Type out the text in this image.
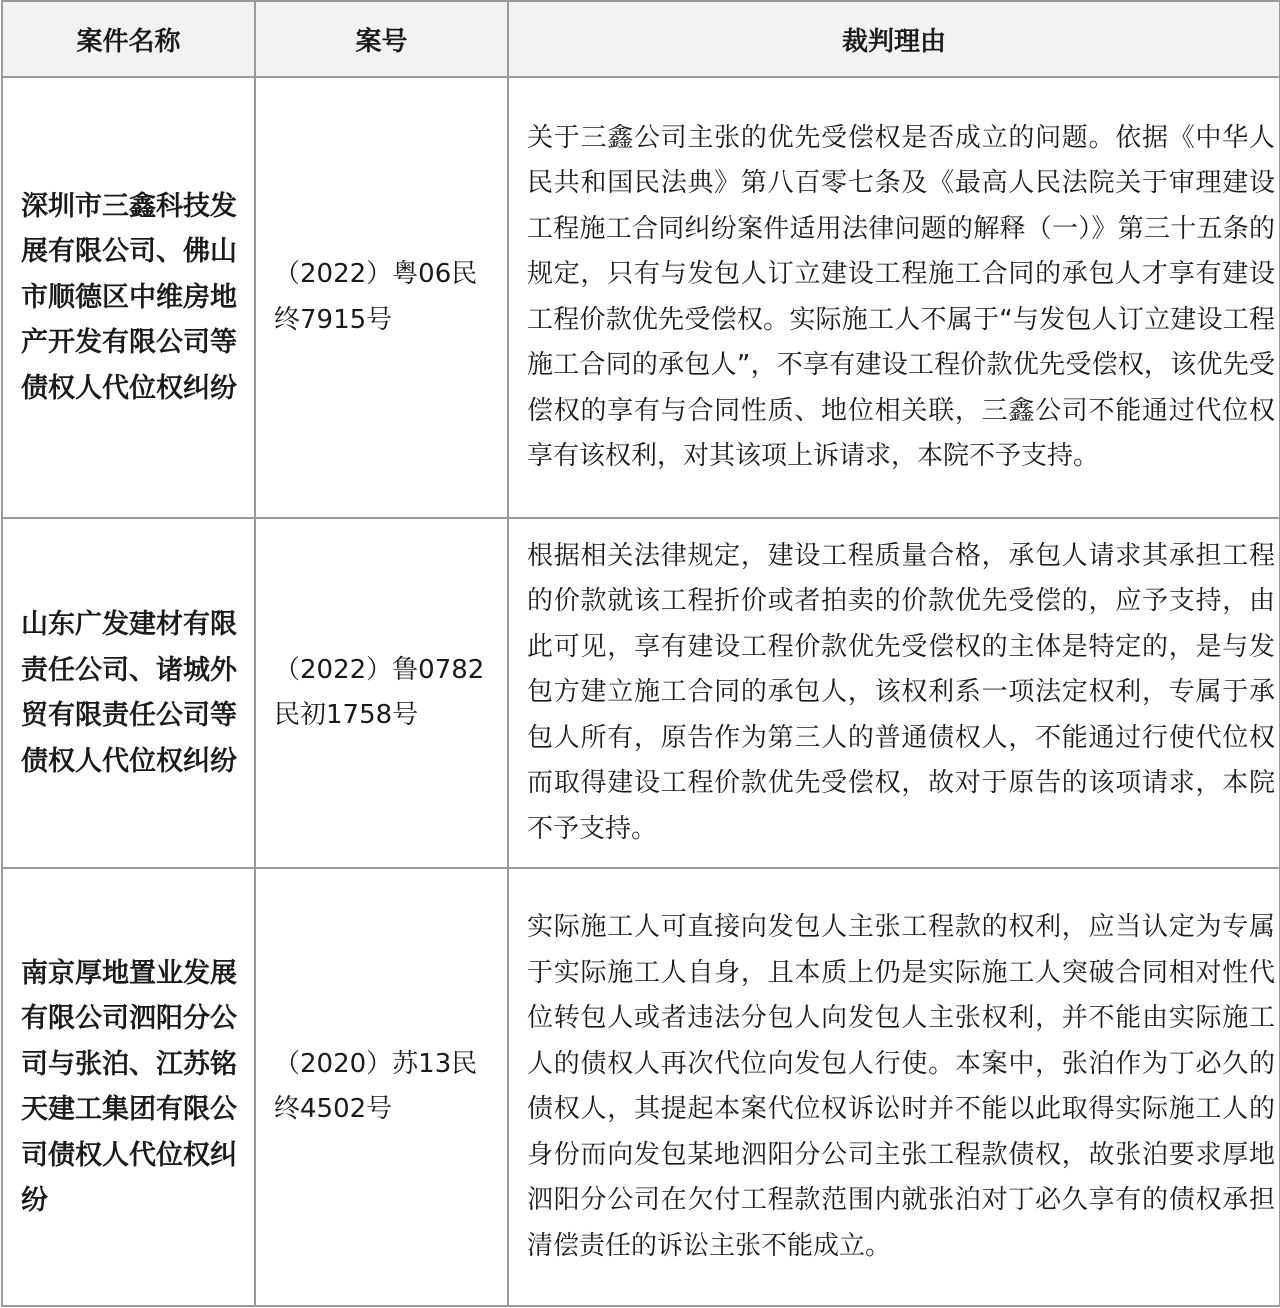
案件名称	案号	裁判理由
深圳市三鑫科技发展有限公司、佛山市顺德区中维房地产开发有限公司等债权人代位权纠纷	（2022）粤06民终7915号	关于三鑫公司主张的优先受偿权是否成立的问题。依据《中华人民共和国民法典》第八百零七条及《最高人民法院关于审理建设工程施工合同纠纷案件适用法律问题的解释（一）》第三十五条的规定，只有与发包人订立建设工程施工合同的承包人才享有建设工程价款优先受偿权。实际施工人不属于“与发包人订立建设工程施工合同的承包人”，不享有建设工程价款优先受偿权，该优先受偿权的享有与合同性质、地位相关联，三鑫公司不能通过代位权享有该权利，对其该项上诉请求，本院不予支持。
山东广发建材有限责任公司、诸城外贸有限责任公司等债权人代位权纠纷	（2022）鲁0782民初1758号	根据相关法律规定，建设工程质量合格，承包人请求其承担工程的价款就该工程折价或者拍卖的价款优先受偿的，应予支持，由此可见，享有建设工程价款优先受偿权的主体是特定的，是与发包方建立施工合同的承包人，该权利系一项法定权利，专属于承包人所有，原告作为第三人的普通债权人，不能通过行使代位权而取得建设工程价款优先受偿权，故对于原告的该项请求，本院不予支持。
南京厚地置业发展有限公司泗阳分公司与张泊、江苏铭天建工集团有限公司债权人代位权纠纷	（2020）苏13民终4502号	实际施工人可直接向发包人主张工程款的权利，应当认定为专属于实际施工人自身，且本质上仍是实际施工人突破合同相对性代位转包人或者违法分包人向发包人主张权利，并不能由实际施工人的债权人再次代位向发包人行使。本案中，张泊作为丁必久的债权人，其提起本案代位权诉讼时并不能以此取得实际施工人的身份而向发包某地泗阳分公司主张工程款债权，故张泊要求厚地泗阳分公司在欠付工程款范围内就张泊对丁必久享有的债权承担清偿责任的诉讼主张不能成立。
